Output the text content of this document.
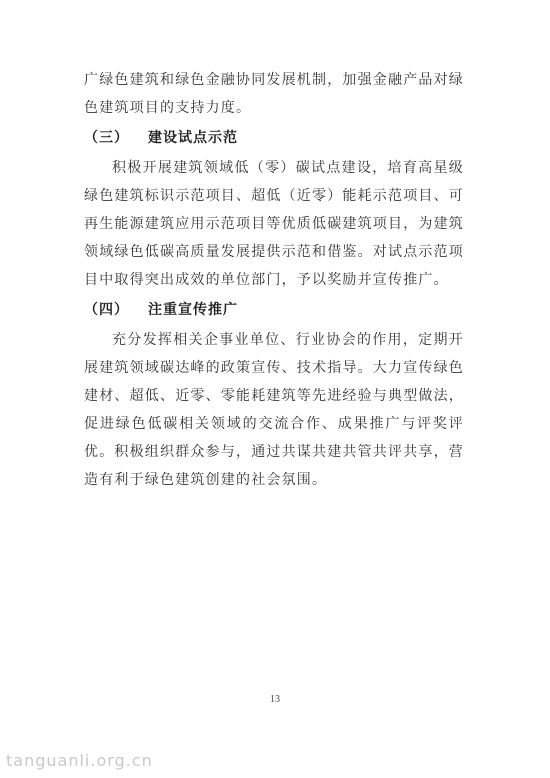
广绿色建筑和绿色金融协同发展机制，加强金融产品对绿色建筑项目的支持力度。

（三） 建设试点示范

积极开展建筑领域低（零）碳试点建设，培育高星级绿色建筑标识示范项目、超低（近零）能耗示范项目、可再生能源建筑应用示范项目等优质低碳建筑项目，为建筑领域绿色低碳高质量发展提供示范和借鉴。对试点示范项目中取得突出成效的单位部门，予以奖励并宣传推广。

（四） 注重宣传推广

充分发挥相关企事业单位、行业协会的作用，定期开展建筑领域碳达峰的政策宣传、技术指导。大力宣传绿色建材、超低、近零、零能耗建筑等先进经验与典型做法，促进绿色低碳相关领域的交流合作、成果推广与评奖评优。积极组织群众参与，通过共谋共建共管共评共享，营造有利于绿色建筑创建的社会氛围。

13
tanguanli.org.cn
